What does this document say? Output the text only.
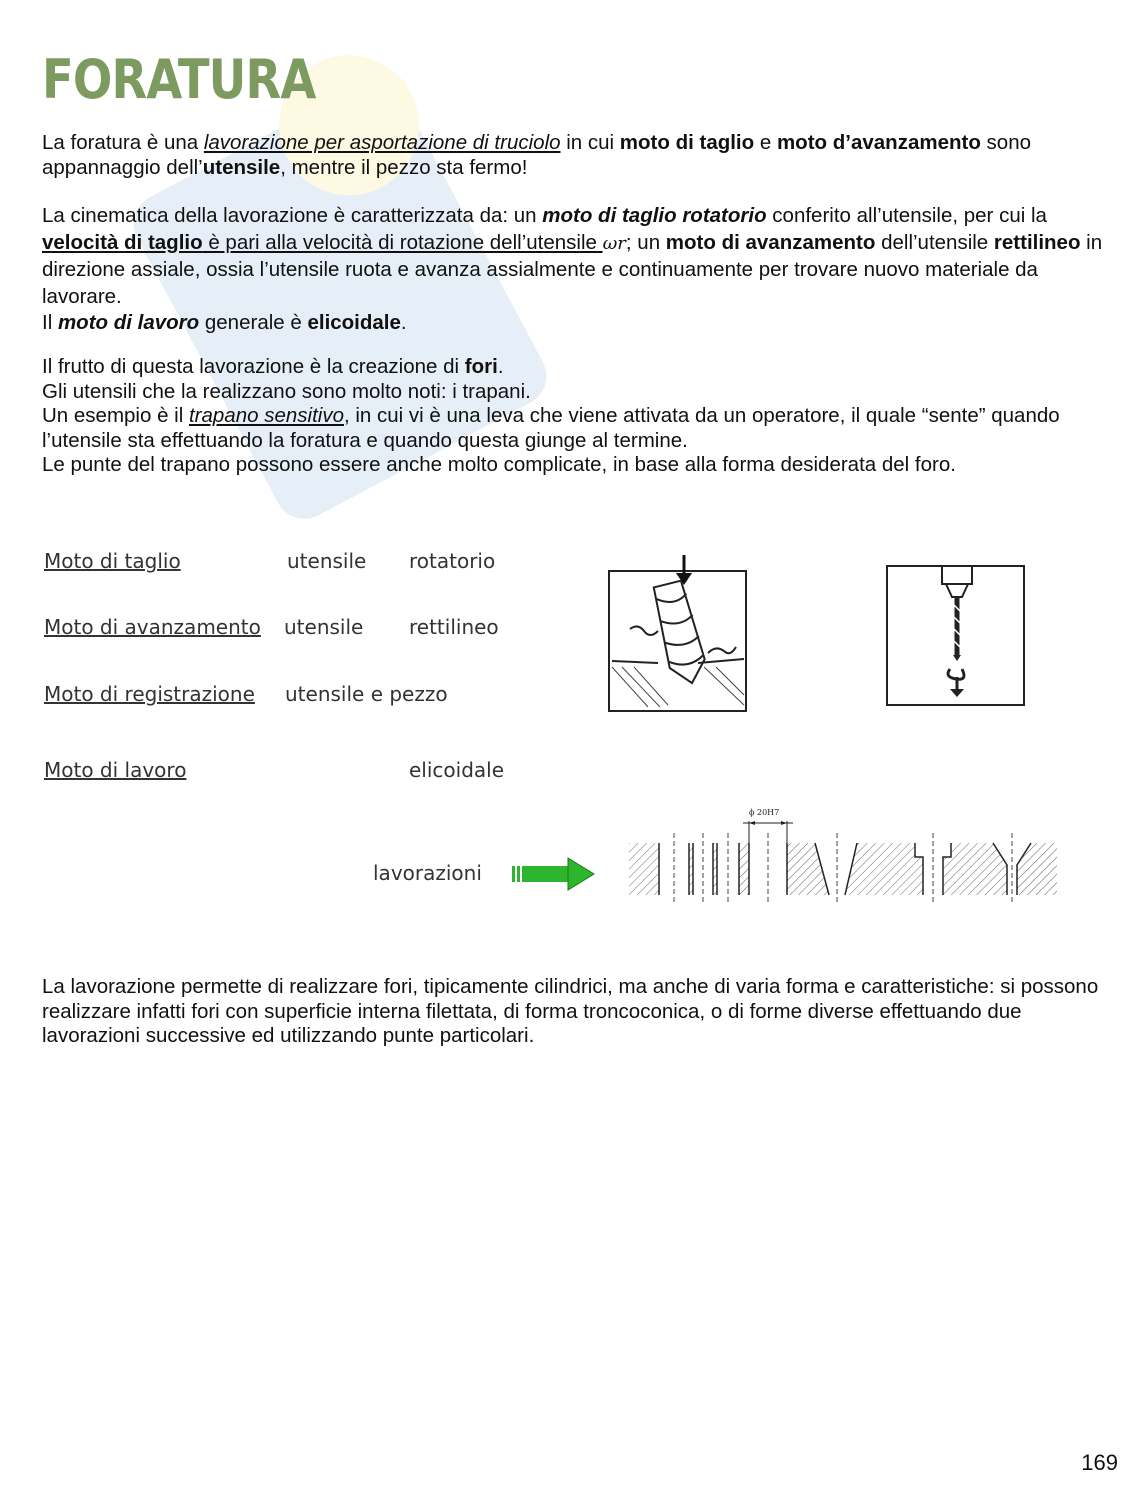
FORATURA

La foratura è una lavorazione per asportazione di truciolo in cui moto di taglio e moto d’avanzamento sono appannaggio dell’utensile, mentre il pezzo sta fermo!

La cinematica della lavorazione è caratterizzata da: un moto di taglio rotatorio conferito all’utensile, per cui la velocità di taglio è pari alla velocità di rotazione dell’utensile ωr; un moto di avanzamento dell’utensile rettilineo in direzione assiale, ossia l’utensile ruota e avanza assialmente e continuamente per trovare nuovo materiale da lavorare.

Il moto di lavoro generale è elicoidale.

Il frutto di questa lavorazione è la creazione di fori.

Gli utensili che la realizzano sono molto noti: i trapani.

Un esempio è il trapano sensitivo, in cui vi è una leva che viene attivata da un operatore, il quale “sente” quando l’utensile sta effettuando la foratura e quando questa giunge al termine.

Le punte del trapano possono essere anche molto complicate, in base alla forma desiderata del foro.

Moto di taglio	utensile rotatorio
Moto di avanzamento utensile rettilineo
Moto di registrazione utensile e pezzo
Moto di lavoro	elicoidale
lavorazioni
ϕ 20H7

La lavorazione permette di realizzare fori, tipicamente cilindrici, ma anche di varia forma e caratteristiche: si possono realizzare infatti fori con superficie interna filettata, di forma troncoconica, o di forme diverse effettuando due lavorazioni successive ed utilizzando punte particolari.

169
